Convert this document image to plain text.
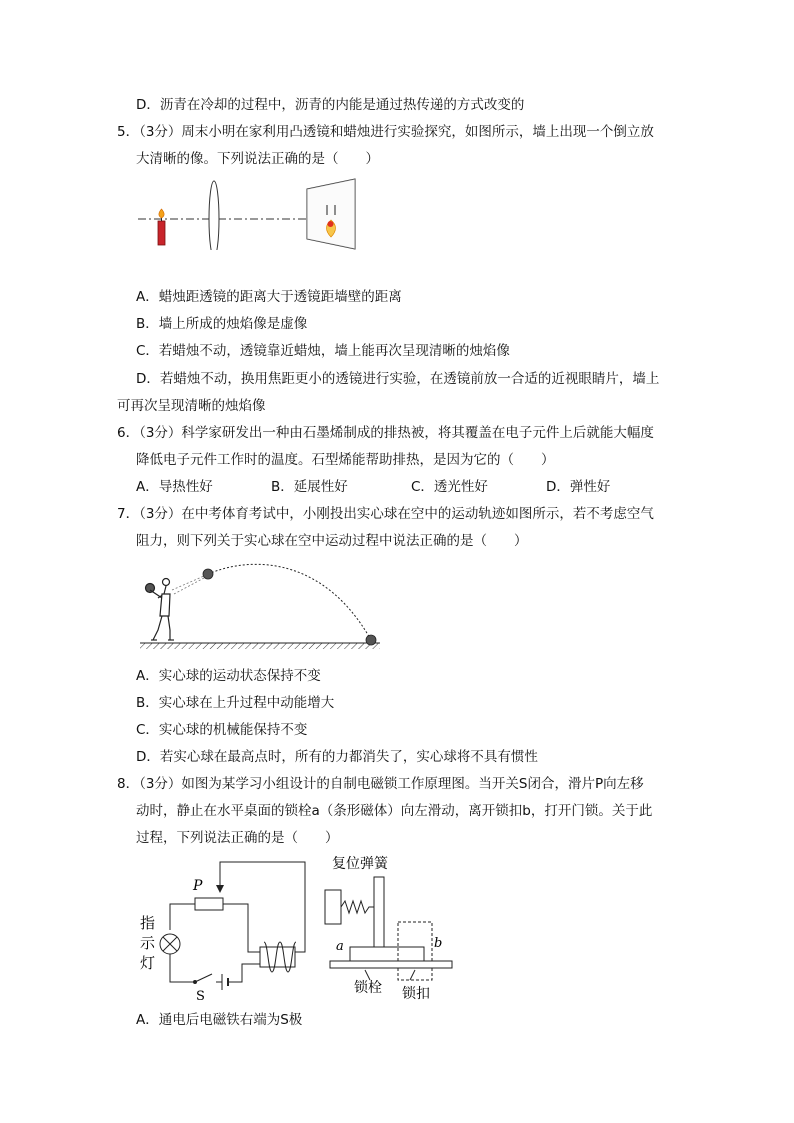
D．沥青在冷却的过程中，沥青的内能是通过热传递的方式改变的
5．（3分）周末小明在家利用凸透镜和蜡烛进行实验探究，如图所示，墙上出现一个倒立放
大清晰的像。下列说法正确的是（　　）
A．蜡烛距透镜的距离大于透镜距墙壁的距离
B．墙上所成的烛焰像是虚像
C．若蜡烛不动，透镜靠近蜡烛，墙上能再次呈现清晰的烛焰像
D．若蜡烛不动，换用焦距更小的透镜进行实验，在透镜前放一合适的近视眼睛片，墙上
可再次呈现清晰的烛焰像
6．（3分）科学家研发出一种由石墨烯制成的排热被，将其覆盖在电子元件上后就能大幅度
降低电子元件工作时的温度。石型烯能帮助排热，是因为它的（　　）
A．导热性好	B．延展性好	C．透光性好	D．弹性好
7．（3分）在中考体育考试中，小刚投出实心球在空中的运动轨迹如图所示，若不考虑空气
阻力，则下列关于实心球在空中运动过程中说法正确的是（　　）
A．实心球的运动状态保持不变
B．实心球在上升过程中动能增大
C．实心球的机械能保持不变
D．若实心球在最高点时，所有的力都消失了，实心球将不具有惯性
8．（3分）如图为某学习小组设计的自制电磁锁工作原理图。当开关S闭合，滑片P向左移
动时，静止在水平桌面的锁栓a（条形磁体）向左滑动，离开锁扣b，打开门锁。关于此
过程，下列说法正确的是（　　）
P
指
示
灯
S
复位弹簧
a	b
锁栓 锁扣
A．通电后电磁铁右端为S极
